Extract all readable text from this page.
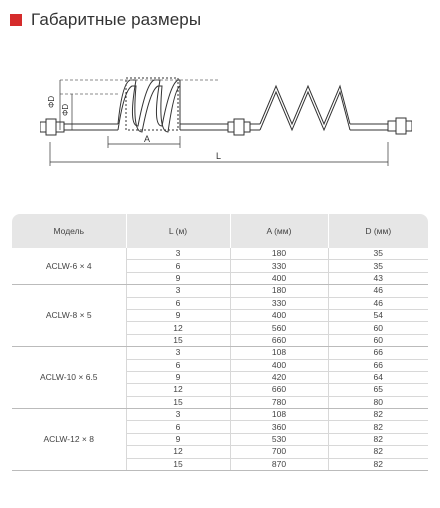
Габаритные размеры
ΦD
ΦD
A
L
Модель	L (м)	A (мм)	D (мм)
ACLW-6 × 4	3	180	35
	6	330	35
	9	400	43
ACLW-8 × 5	3	180	46
	6	330	46
	9	400	54
	12	560	60
	15	660	60
ACLW-10 × 6.5	3	108	66
	6	400	66
	9	420	64
	12	660	65
	15	780	80
ACLW-12 × 8	3	108	82
	6	360	82
	9	530	82
	12	700	82
	15	870	82
